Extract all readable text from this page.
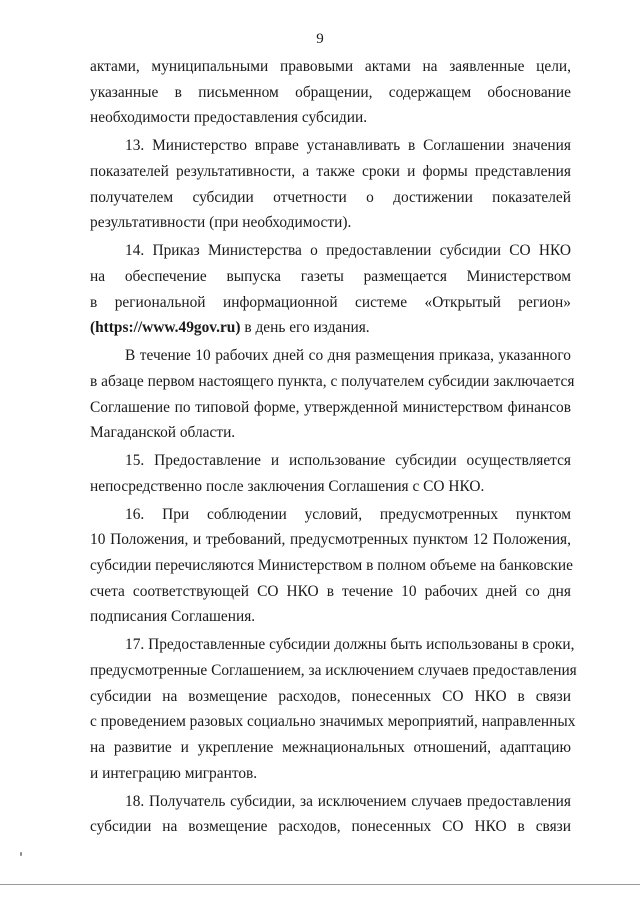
9
актами, муниципальными правовыми актами на заявленные цели,
указанные в письменном обращении, содержащем обоснование
необходимости предоставления субсидии.
13. Министерство вправе устанавливать в Соглашении значения
показателей результативности, а также сроки и формы представления
получателем субсидии отчетности о достижении показателей
результативности (при необходимости).
14. Приказ Министерства о предоставлении субсидии СО НКО
на обеспечение выпуска газеты размещается Министерством
в региональной информационной системе «Открытый регион»
(https://www.49gov.ru) в день его издания.
В течение 10 рабочих дней со дня размещения приказа, указанного
в абзаце первом настоящего пункта, с получателем субсидии заключается
Соглашение по типовой форме, утвержденной министерством финансов
Магаданской области.
15. Предоставление и использование субсидии осуществляется
непосредственно после заключения Соглашения с СО НКО.
16. При соблюдении условий, предусмотренных пунктом
10 Положения, и требований, предусмотренных пунктом 12 Положения,
субсидии перечисляются Министерством в полном объеме на банковские
счета соответствующей СО НКО в течение 10 рабочих дней со дня
подписания Соглашения.
17. Предоставленные субсидии должны быть использованы в сроки,
предусмотренные Соглашением, за исключением случаев предоставления
субсидии на возмещение расходов, понесенных СО НКО в связи
с проведением разовых социально значимых мероприятий, направленных
на развитие и укрепление межнациональных отношений, адаптацию
и интеграцию мигрантов.
18. Получатель субсидии, за исключением случаев предоставления
субсидии на возмещение расходов, понесенных СО НКО в связи
